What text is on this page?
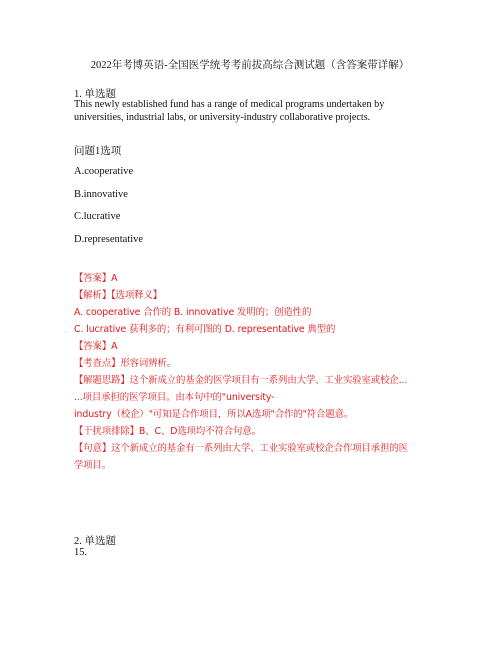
2022年考博英语-全国医学统考考前拔高综合测试题（含答案带详解）
1. 单选题
This newly established fund has a range of medical programs undertaken by universities, industrial labs, or university-industry collaborative projects.
问题1选项
A.cooperative
B.innovative
C.lucrative
D.representative
【答案】A
【解析】【选项释义】
A. cooperative 合作的 B. innovative 发明的；创造性的
C. lucrative 获利多的；有利可图的 D. representative 典型的
【答案】A
【考查点】形容词辨析。
【解题思路】这个新成立的基金的医学项目有一系列由大学、工业实验室或校企...
...项目承担的医学项目。由本句中的"university-
industry（校企）"可知是合作项目，所以A选项"合作的"符合题意。
【干扰项排除】B、C、D选项均不符合句意。
【句意】这个新成立的基金有一系列由大学、工业实验室或校企合作项目承担的医
学项目。
2. 单选题
15.
